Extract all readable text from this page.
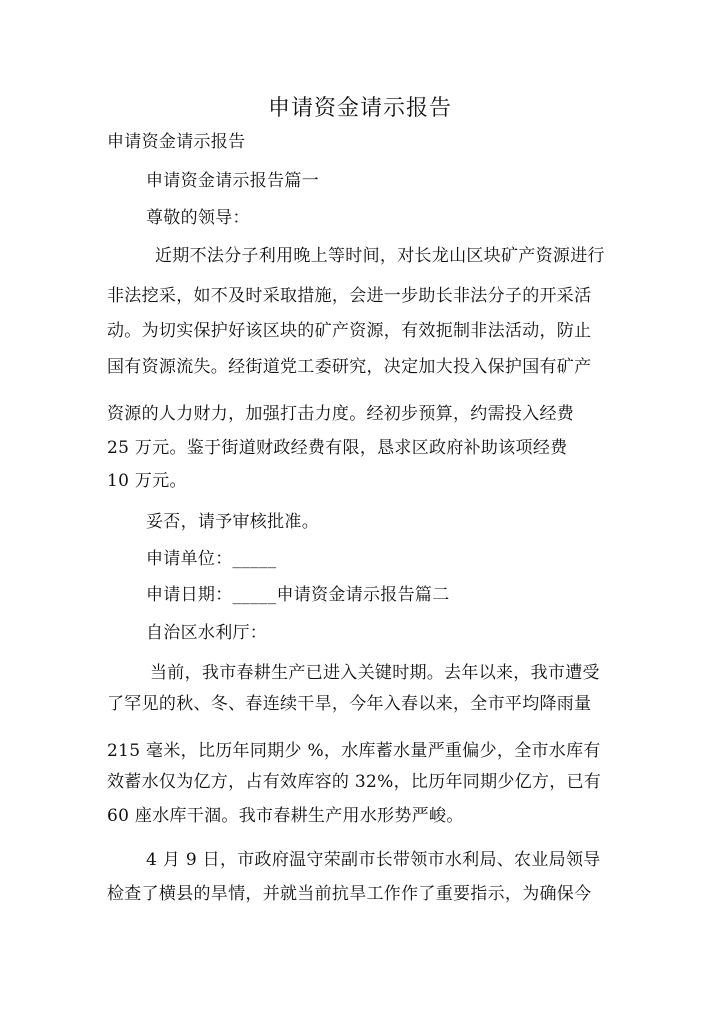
申请资金请示报告
申请资金请示报告
申请资金请示报告篇一
尊敬的领导：
近期不法分子利用晚上等时间，对长龙山区块矿产资源进行
非法挖采，如不及时采取措施，会进一步助长非法分子的开采活
动。为切实保护好该区块的矿产资源，有效扼制非法活动，防止
国有资源流失。经街道党工委研究，决定加大投入保护国有矿产
资源的人力财力，加强打击力度。经初步预算，约需投入经费
25 万元。鉴于街道财政经费有限，恳求区政府补助该项经费
10 万元。
妥否，请予审核批准。
申请单位：_____
申请日期：_____申请资金请示报告篇二
自治区水利厅：
当前，我市春耕生产已进入关键时期。去年以来，我市遭受
了罕见的秋、冬、春连续干旱，今年入春以来，全市平均降雨量
215 毫米，比历年同期少 %，水库蓄水量严重偏少，全市水库有
效蓄水仅为亿方，占有效库容的 32%，比历年同期少亿方，已有
60 座水库干涸。我市春耕生产用水形势严峻。
4 月 9 日，市政府温守荣副市长带领市水利局、农业局领导
检查了横县的旱情，并就当前抗旱工作作了重要指示，为确保今
